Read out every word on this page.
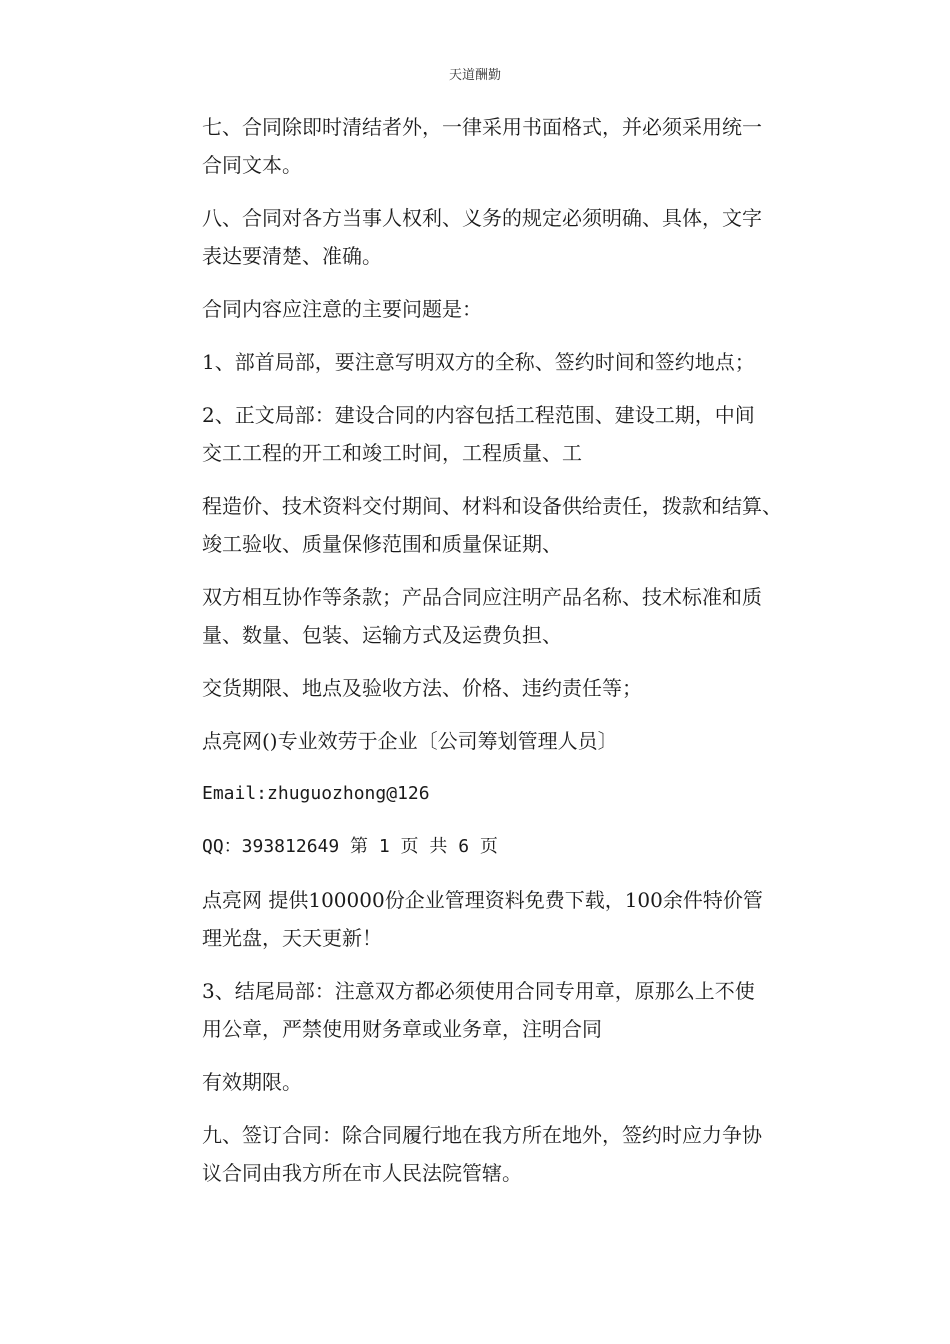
天道酬勤

七、合同除即时清结者外，一律采用书面格式，并必须采用统一
合同文本。

八、合同对各方当事人权利、义务的规定必须明确、具体，文字
表达要清楚、准确。

合同内容应注意的主要问题是：

1、部首局部，要注意写明双方的全称、签约时间和签约地点；

2、正文局部：建设合同的内容包括工程范围、建设工期，中间
交工工程的开工和竣工时间，工程质量、工

程造价、技术资料交付期间、材料和设备供给责任，拨款和结算、
竣工验收、质量保修范围和质量保证期、

双方相互协作等条款；产品合同应注明产品名称、技术标准和质
量、数量、包装、运输方式及运费负担、

交货期限、地点及验收方法、价格、违约责任等；

点亮网()专业效劳于企业〔公司筹划管理人员〕

Email:zhuguozhong@126

QQ：393812649 第 1 页 共 6 页

点亮网 提供100000份企业管理资料免费下载，100余件特价管
理光盘，天天更新！

3、结尾局部：注意双方都必须使用合同专用章，原那么上不使
用公章，严禁使用财务章或业务章，注明合同

有效期限。

九、签订合同：除合同履行地在我方所在地外，签约时应力争协
议合同由我方所在市人民法院管辖。
